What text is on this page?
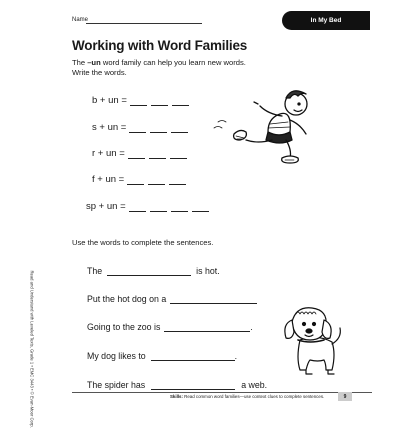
Name	In My Bed
Working with Word Families
The –un word family can help you learn new words.
Write the words.
b + un =
s + un =
r + un =
f + un =
sp + un =
Use the words to complete the sentences.
The	is hot.
Put the hot dog on a
Going to the zoo is	.
My dog likes to	.
The spider has	a web.
Read and Understand with Leveled Texts, Grade 1 • EMC 3443 • © Evan-Moor Corp.	Skills: Read common word families—use context clues to complete sentences.	9
